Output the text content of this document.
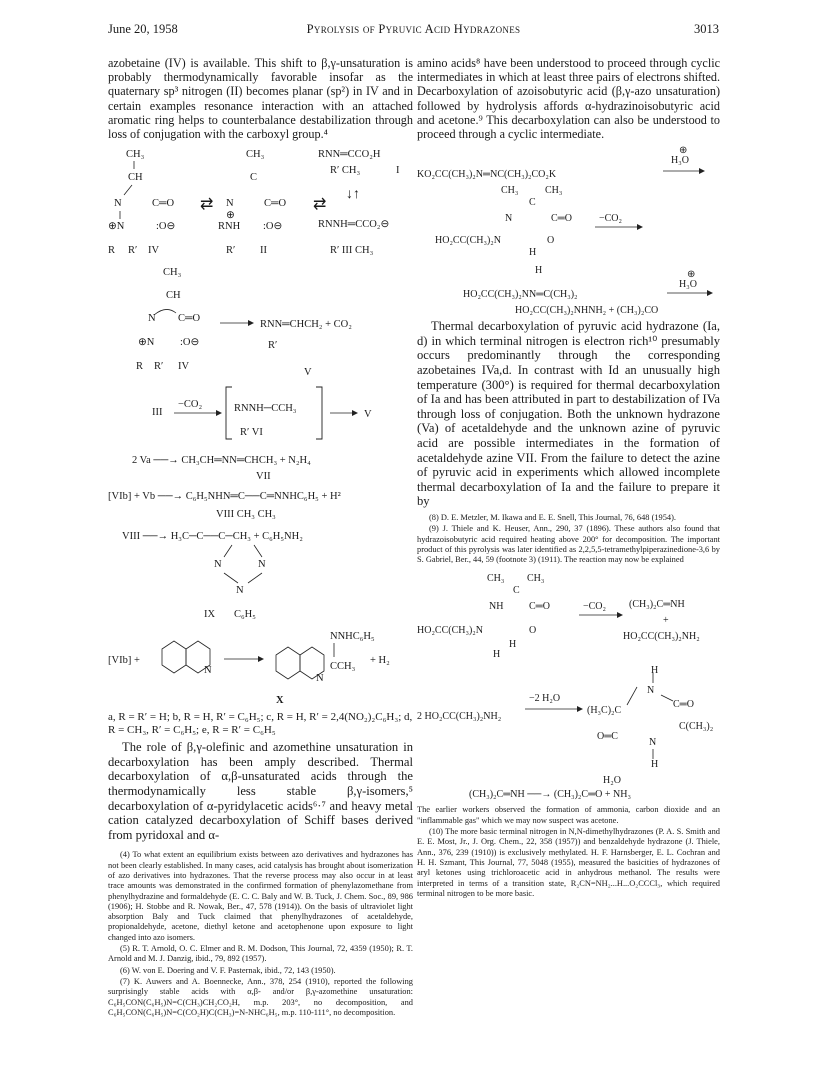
June 20, 1958	Pyrolysis of Pyruvic Acid Hydrazones	3013

azobetaine (IV) is available. This shift to β,γ-unsaturation is probably thermodynamically favorable insofar as the quaternary sp³ nitrogen (II) becomes planar (sp²) in IV and in certain examples resonance interaction with an attached aromatic ring helps to counterbalance destabilization through loss of conjugation with the carboxyl group.⁴

CH₃
CH
N	C═O
⊕N	:O⊖
R R′ IV
⇄
CH₃
C
N	C═O
⊕
RNH :O⊖
R′ II
⇄
RNN═CCO₂H
R′ CH₃	I
↓↑
RNNH═CCO₂⊖
R′ III CH₃
CH₃
CH
N C═O
⊕N :O⊖
R R′ IV
RNN═CHCH₂ + CO₂
R′
V
III
−CO₂	RNNH─CCH₃
R′ VI
V
2 Va ──→ CH₃CH═NN═CHCH₃ + N₂H₄
VII
[VIb] + Vb ──→ C₆H₅NHN═C──C═NNHC₆H₅ + H²
VIII CH₃ CH₃
VIII ──→ H₃C─C──C─CH₃ + C₆H₅NH₂
N	N
N
IX C₆H₅
[VIb] +
N
N
NNHC₆H₅
CCH₃
+ H₂
X

a, R = R′ = H; b, R = H, R′ = C₆H₅; c, R = H, R′ = 2,4(NO₂)₂C₆H₃; d, R = CH₃, R′ = C₆H₅; e, R = R′ = C₆H₅

The role of β,γ-olefinic and azomethine unsaturation in decarboxylation has been amply described. Thermal decarboxylation of α,β-unsaturated acids through the thermodynamically less stable β,γ-isomers,⁵ decarboxylation of α-pyridylacetic acids⁶·⁷ and heavy metal cation catalyzed decarboxylation of Schiff bases derived from pyridoxal and α-

(4) To what extent an equilibrium exists between azo derivatives and hydrazones has not been clearly established. In many cases, acid catalysis has brought about isomerization of azo derivatives into hydrazones. That the reverse process may also occur in at least trace amounts was demonstrated in the confirmed formation of phenylazomethane from phenylhydrazine and formaldehyde (E. C. C. Baly and W. B. Tuck, J. Chem. Soc., 89, 986 (1906); H. Stobbe and R. Nowak, Ber., 47, 578 (1914)). On the basis of ultraviolet light absorption Baly and Tuck claimed that phenylhydrazones of acetaldehyde, propionaldehyde, acetone, diethyl ketone and acetophenone upon exposure to light changed into azo isomers.

(5) R. T. Arnold, O. C. Elmer and R. M. Dodson, This Journal, 72, 4359 (1950); R. T. Arnold and M. J. Danzig, ibid., 79, 892 (1957).

(6) W. von E. Doering and V. F. Pasternak, ibid., 72, 143 (1950).

(7) K. Auwers and A. Boennecke, Ann., 378, 254 (1910), reported the following surprisingly stable acids with α,β- and/or β,γ-azomethine unsaturation: C₆H₅CON(C₆H₅)N=C(CH₃)CH₂CO₂H, m.p. 203°, no decomposition, and C₆H₅CON(C₆H₅)N=C(CO₂H)C(CH₃)=N-NHC₆H₅, m.p. 110-111°, no decomposition.

amino acids⁸ have been understood to proceed through cyclic intermediates in which at least three pairs of electrons shifted. Decarboxylation of azoisobutyric acid (β,γ-azo unsaturation) followed by hydrolysis affords α-hydrazinoisobutyric acid and acetone.⁹ This decarboxylation can also be understood to proceed through a cyclic intermediate.

⊕
H₃O
KO₂CC(CH₃)₂N═NC(CH₃)₂CO₂K
CH₃	CH₃
C
N	C═O	−CO₂
HO₂CC(CH₃)₂N	O
H
H	⊕
H₃O
HO₂CC(CH₃)₂NN═C(CH₃)₂
HO₂CC(CH₃)₂NHNH₂ + (CH₃)₂CO

Thermal decarboxylation of pyruvic acid hydrazone (Ia, d) in which terminal nitrogen is electron rich¹⁰ presumably occurs predominantly through the corresponding azobetaines IVa,d. In contrast with Id an unusually high temperature (300°) is required for thermal decarboxylation of Ia and has been attributed in part to destabilization of IVa through loss of conjugation. Both the unknown hydrazone (Va) of acetaldehyde and the unknown azine of pyruvic acid are possible intermediates in the formation of acetaldehyde azine VII. From the failure to detect the azine of pyruvic acid in experiments which allowed incomplete thermal decarboxylation of Ia and the failure to prepare it by

(8) D. E. Metzler, M. Ikawa and E. E. Snell, This Journal, 76, 648 (1954).

(9) J. Thiele and K. Heuser, Ann., 290, 37 (1896). These authors also found that hydrazoisobutyric acid required heating above 200° for decomposition. The important product of this pyrolysis was later identified as 2,2,5,5-tetramethylpiperazinedione-3,6 by S. Gabriel, Ber., 44, 59 (footnote 3) (1911). The reaction may now be explained

CH₃ CH₃
C
NH	C═O	−CO₂ (CH₃)₂C═NH
+
HO₂CC(CH₃)₂N	O
HO₂CC(CH₃)₂NH₂
H
H
H
N
C═O
−2 H₂O
2 HO₂CC(CH₃)₂NH₂
(H₃C)₂C
C(CH₃)₂
O═C
N
H
H₂O
(CH₃)₂C═NH ──→ (CH₃)₂C═O + NH₃

The earlier workers observed the formation of ammonia, carbon dioxide and an "inflammable gas" which we may now suspect was acetone.

(10) The more basic terminal nitrogen in N,N-dimethylhydrazones (P. A. S. Smith and E. E. Most, Jr., J. Org. Chem., 22, 358 (1957)) and benzaldehyde hydrazone (J. Thiele, Ann., 376, 239 (1910)) is exclusively methylated. H. F. Harnsberger, E. L. Cochran and H. H. Szmant, This Journal, 77, 5048 (1955), measured the basicities of hydrazones of aryl ketones using trichloroacetic acid in anhydrous methanol. The results were interpreted in terms of a transition state, R₂CN=NH₂...H...O₂CCCl₃, which required terminal nitrogen to be more basic.
